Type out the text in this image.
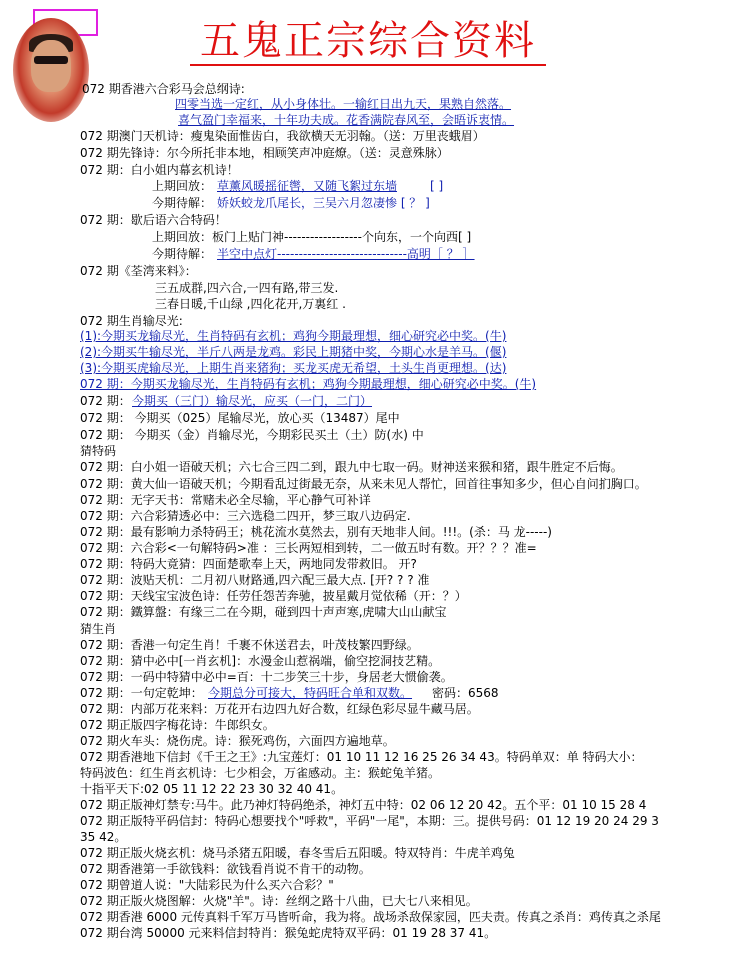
五鬼正宗综合资料
072 期香港六合彩马会总纲诗:
四零当选一定红，从小身体壮。一输红日出九天，果熟自然落。
喜气盈门幸福来，十年功夫成。花香满院春风至，会晤诉衷情。
072 期澳门天机诗：瘦鬼染面惟齿白，我欲横天无羽翰。（送：万里丧蛾眉）
072 期先锋诗：尔今所托非本地，相顾笑声冲庭燎。（送：灵意殊脉）
072 期：白小姐内幕玄机诗！
上期回放： 草薰风暖摇征辔，又随飞絮过东墙	[ ]
今期待解： 娇妖蛟龙爪尾长，三吴六月忽凄惨 [ ？ ]
072 期：歇后语六合特码！
上期回放：板门上贴门神------------------个向东，一个向西[ ]
今期待解： 半空中点灯------------------------------高明［ ？ ］
072 期《荃湾来料》：
三五成群,四六合,一四有路,带三发.
三春日暖,千山绿 ,四化花开,万裏红 .
072 期生肖输尽光:
(1):今期买龙输尽光，生肖特码有玄机；鸡狗今期最理想，细心研究必中奖。(牛)
(2):今期买牛输尽光，半斤八两是龙鸡。彩民上期猪中奖，今期心水是羊马。(偃)
(3):今期买虎输尽光，上期生肖来猪狗；买龙买虎无希望，土头生肖更理想。(达)
072 期：今期买龙输尽光，生肖特码有玄机；鸡狗今期最理想，细心研究必中奖。(牛)
072 期： 今期买（三门）输尽光，应买（一门，二门）
072 期： 今期买（025）尾输尽光，放心买（13487）尾中
072 期： 今期买（金）肖输尽光，今期彩民买土（土）防(水) 中
猜特码
072 期：白小姐一语破天机；六七合三四二到，跟九中七取一码。财神送来猴和猪，跟牛胜定不后悔。
072 期：黄大仙一语破天机；今期看乱过街最无奈，从来未见人帮忙，回首往事知多少，但心自问扪胸口。
072 期：无字天书：常赌未必全尽输，平心静气可补详
072 期：六合彩猜透必中：三六选稳二四开，梦三取八边码定.
072 期：最有影响力杀特码王；桃花流水莫然去，别有天地非人间。!!!。(杀：马 龙-----)
072 期：六合彩<一句解特码>准 ：三长两短相到转，二一做五时有数。开？？？准=
072 期：特码大竟猜：四面楚歌奉上天，两地同发带救旧。 开?
072 期：波贴天机：二月初八财路通,四六配三最大点. [开? ? ? 准
072 期：天线宝宝波色诗：任劳任怨苦奔驰，披星戴月觉依稀（开：？）
072 期：鐵算盤：有缘三二在今期，碰到四十声声寒,虎啸大山山献宝
猜生肖
072 期：香港一句定生肖！千裹不休送君去，叶茂枝繁四野绿。
072 期：猜中必中[一肖玄机]：水漫金山惹祸端，偷空挖洞技艺精。
072 期：一码中特猜中必中=百：十二步笑三十步，身居老大惯偷袭。
072 期：一句定乾坤： 今期总分可接大，特码旺合单和双数。 密码：6568
072 期：内部万花来料：万花开右边四九好合数，红绿色彩尽显牛藏马居。
072 期正版四字梅花诗：牛郎织女。
072 期火车头：烧伤虎。诗：猴死鸡伤，六面四方遍地草。
072 期香港地下信封《千王之王》:九宝莲灯：01 10 11 12 16 25 26 34 43。特码单双：单 特码大小：
特码波色：红生肖玄机诗：七少相会，万雀感动。主：猴蛇兔羊猪。
十指平天下:02 05 11 12 22 23 30 32 40 41。
072 期正版神灯禁专:马牛。此乃神灯特码绝杀，神灯五中特：02 06 12 20 42。五个平：01 10 15 28 4
072 期正版特平码信封：特码心想要找个"呼救"，平码"一尾"，本期：三。提供号码：01 12 19 20 24 29 3
35 42。
072 期正版火烧玄机：烧马杀猪五阳暖，春冬雪后五阳暖。特双特肖：牛虎羊鸡兔
072 期香港第一手欲钱料：欲钱看肖说不肯干的动物。
072 期曾道人说："大陆彩民为什么买六合彩？"
072 期正版火烧图解：火烧"羊"。诗：丝纲之路十八曲，已大七八来相见。
072 期香港 6000 元传真料千军万马皆听命，我为将。战场杀敌保家园，匹夫责。传真之杀肖：鸡传真之杀尾
072 期台湾 50000 元来料信封特肖：猴兔蛇虎特双平码：01 19 28 37 41。
